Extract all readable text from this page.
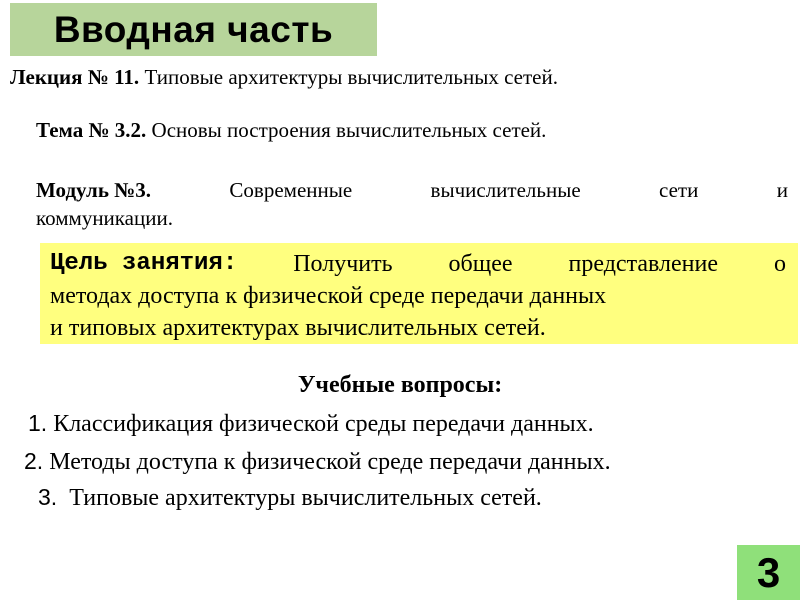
Вводная часть
Лекция № 11. Типовые архитектуры вычислительных сетей.
Тема № 3.2. Основы построения вычислительных сетей.
Модуль №3.	Современные	вычислительные	сети	и
коммуникации.
Цель занятия: Получить общее представление о
методах доступа к физической среде передачи данных
и типовых архитектурах вычислительных сетей.
Учебные вопросы:
1. Классификация физической среды передачи данных.
2. Методы доступа к физической среде передачи данных.
3.  Типовые архитектуры вычислительных сетей.
3
